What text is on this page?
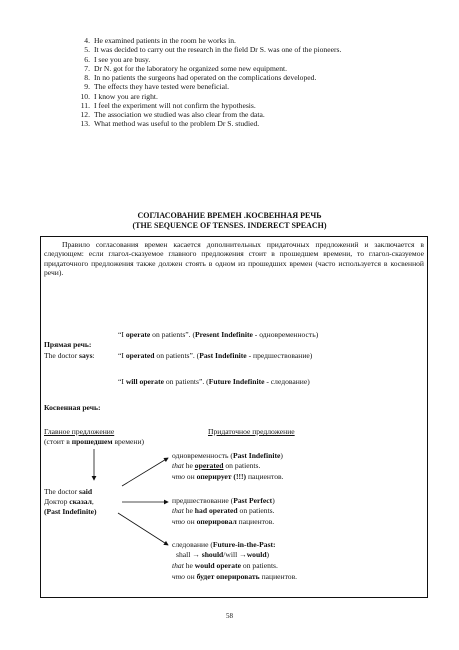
4. He examined patients in the room he works in.
5. It was decided to carry out the research in the field Dr S. was one of the pioneers.
6. I see you are busy.
7. Dr N. got for the laboratory he organized some new equipment.
8. In no patients the surgeons had operated on the complications developed.
9. The effects they have tested were beneficial.
10. I know you are right.
11. I feel the experiment will not confirm the hypothesis.
12. The association we studied was also clear from the data.
13. What method was useful to the problem Dr S. studied.
СОГЛАСОВАНИЕ ВРЕМЕН .КОСВЕННАЯ РЕЧЬ
(THE SEQUENCE OF TENSES. INDERECT SPEACH)
Правило согласования времен касается дополнительных придаточных предложений и заключается в следующем: если глагол-сказуемое главного предложения стоит в прошедшем времени, то глагол-сказуемое придаточного предложения также должен стоять в одном из прошедших времен (часто используется в косвенной речи).
“I operate on patients”. (Present Indefinite - одновременность)
Прямая речь:
The doctor says:	“I operated on patients”. (Past Indefinite - предшествование)
“I will operate on patients”. (Future Indefinite - следование)
Косвенная речь:
Главное предложение
(стоит в прошедшем времени)
Придаточное предложение
одновременность (Past Indefinite)
that he operated on patients.
что он оперирует (!!!) пациентов.
The doctor said
Доктор сказал,
(Past Indefinite)
предшествование (Past Perfect)
that he had operated on patients.
что он оперировал пациентов.
следование (Future-in-the-Past:
shall → should/will →would)
that he would operate on patients.
что он будет оперировать пациентов.
58
